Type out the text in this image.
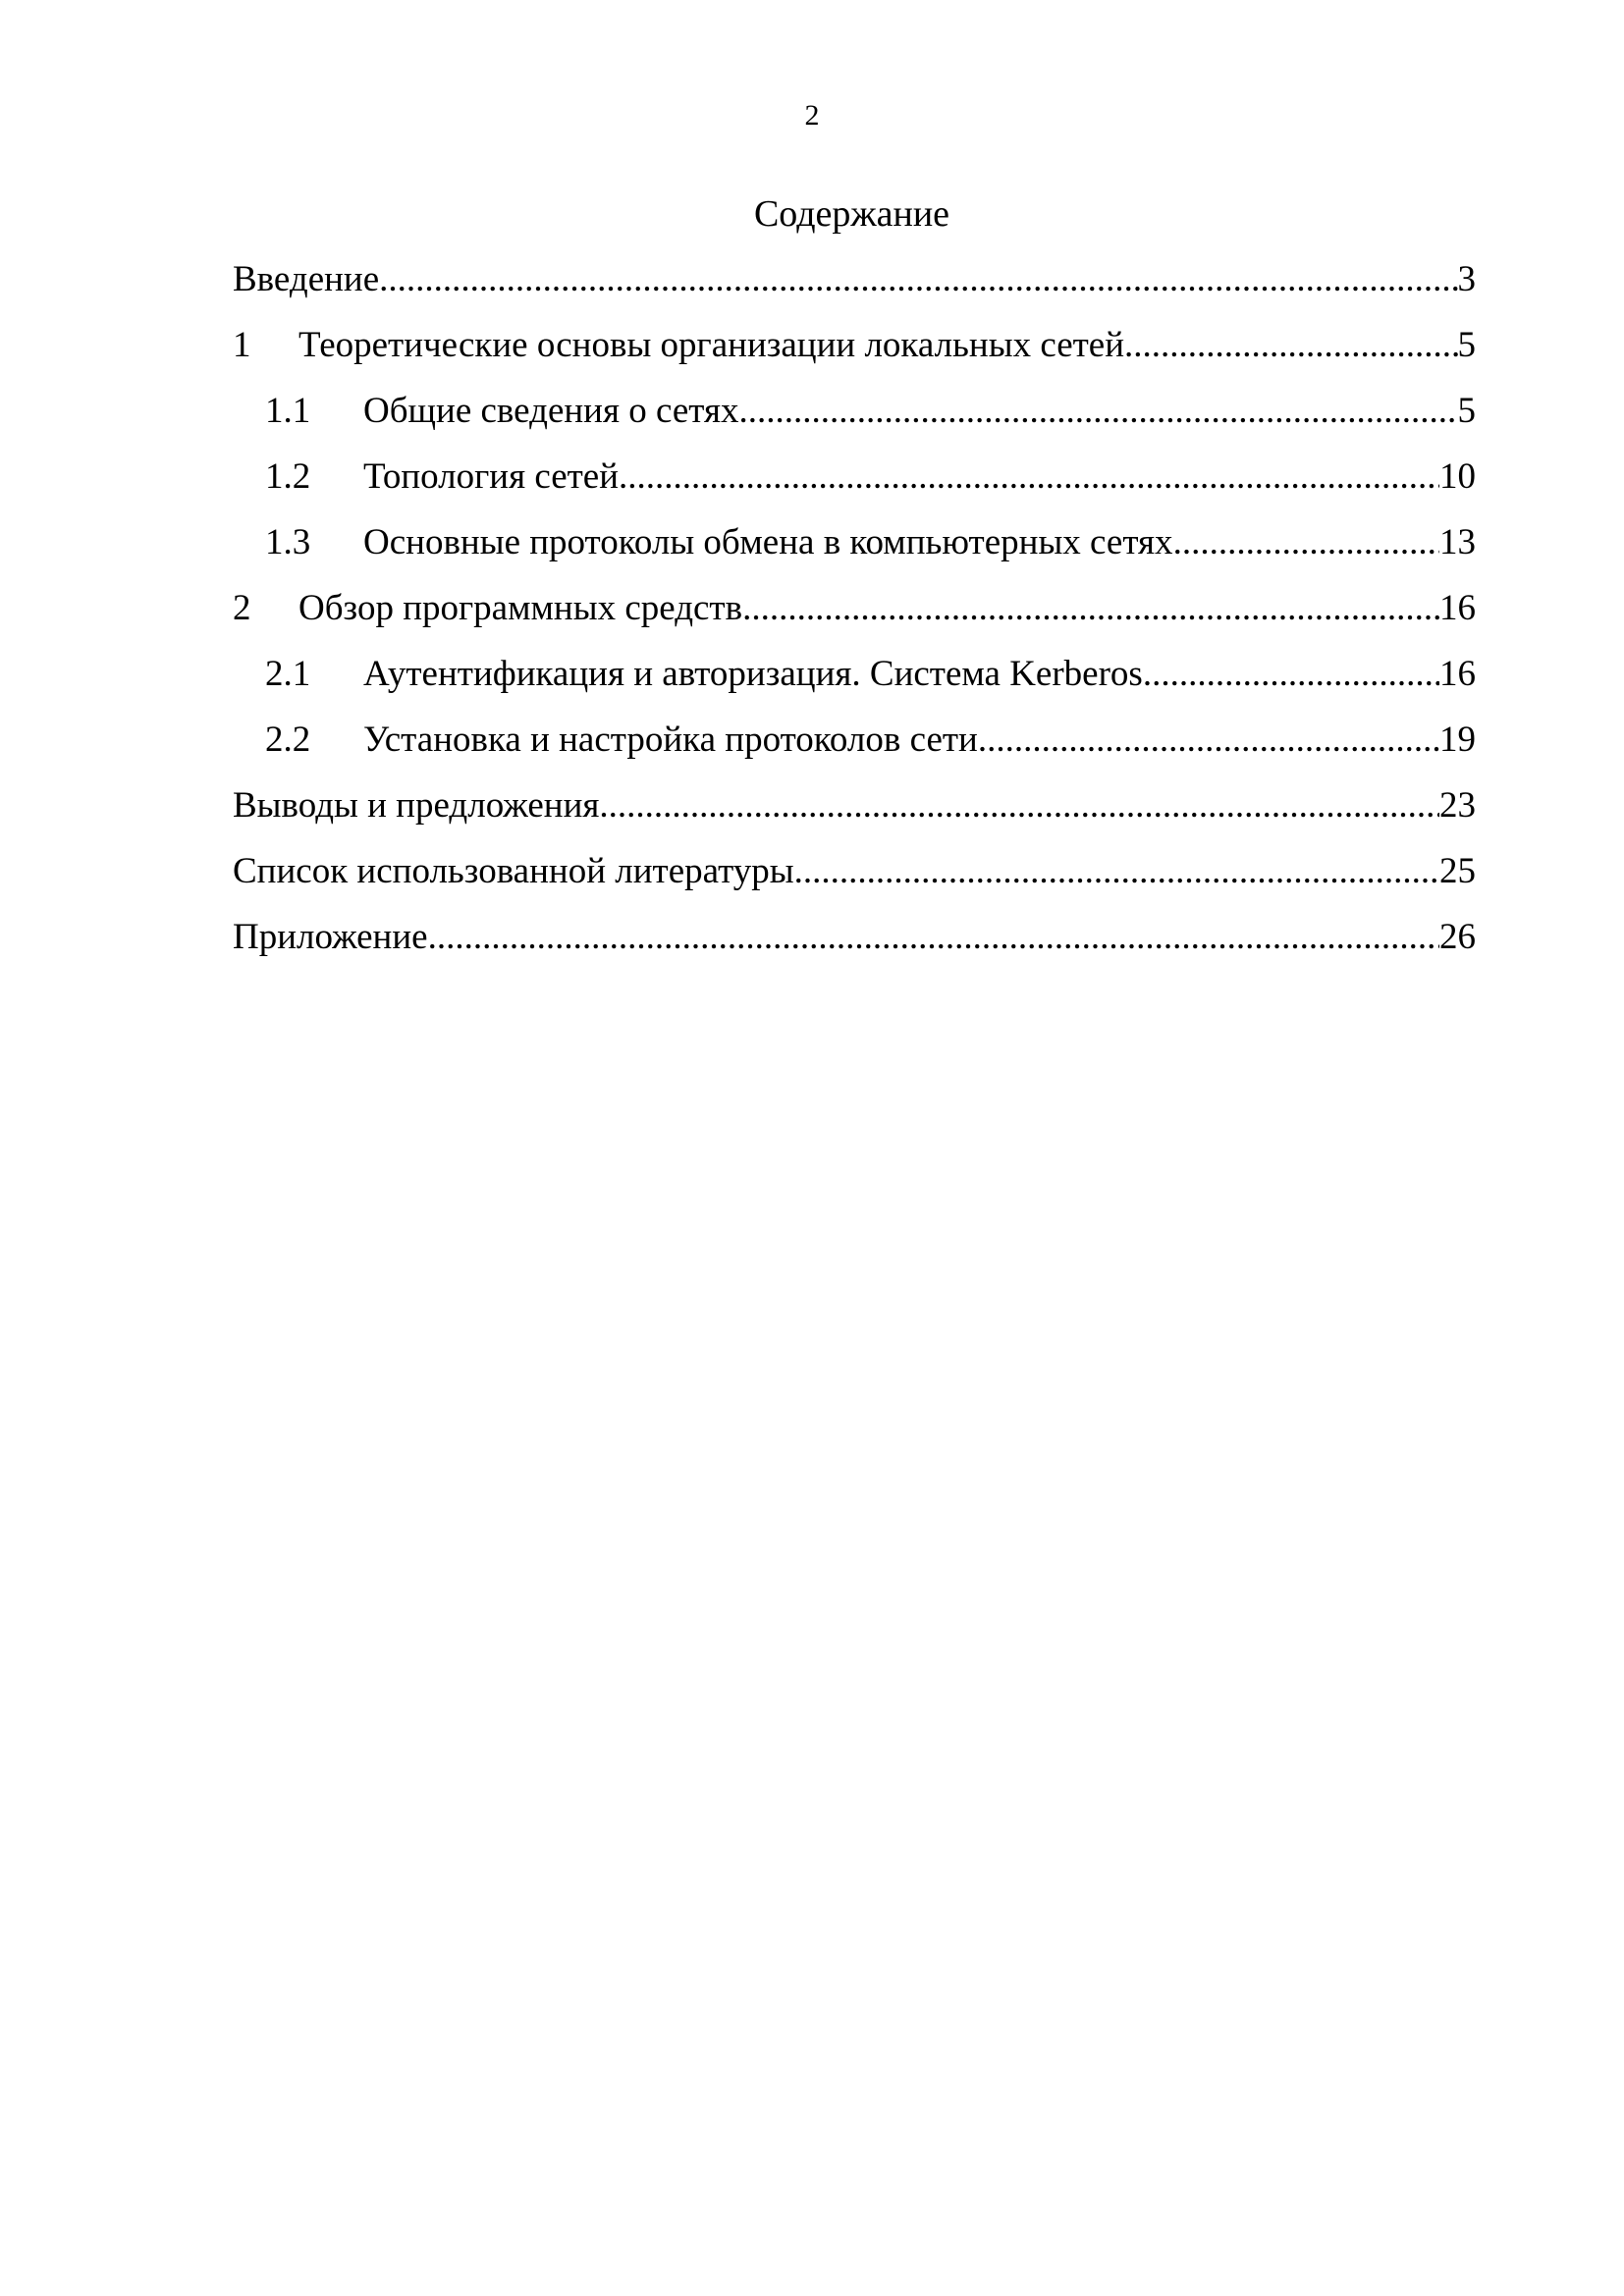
2
Содержание
Введение .....	3
1	Теоретические основы организации локальных сетей .....	5
1.1	Общие сведения о сетях .....	5
1.2	Топология сетей .....	10
1.3	Основные протоколы обмена в компьютерных сетях .....	13
2	Обзор программных средств .....	16
2.1	Аутентификация и авторизация. Система Kerberos .....	16
2.2	Установка и настройка протоколов сети .....	19
Выводы и предложения .....	23
Список использованной литературы .....	25
Приложение .....	26
